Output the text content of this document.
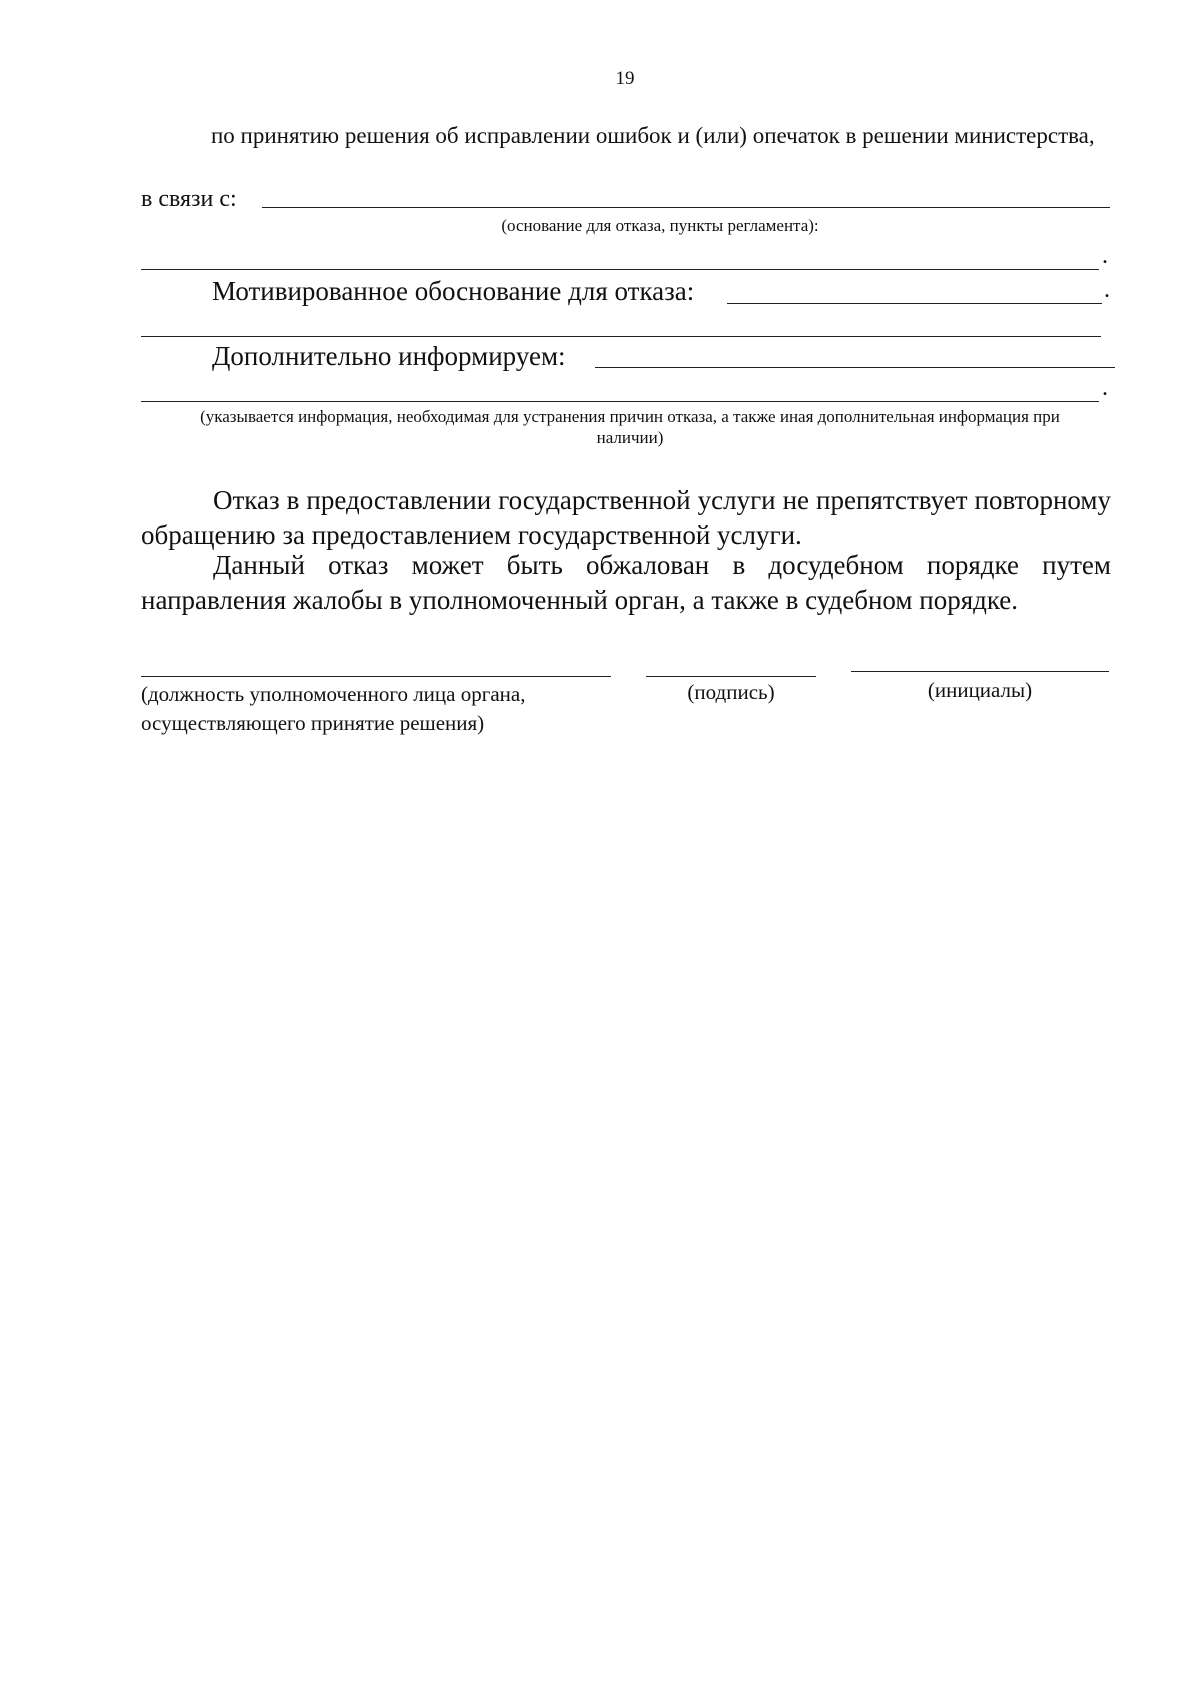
19
по принятию решения об исправлении ошибок и (или) опечаток в решении министерства,
в связи с:
(основание для отказа, пункты регламента):
.
Мотивированное обоснование для отказа:	.
Дополнительно информируем:
.
(указывается информация, необходимая для устранения причин отказа, а также иная дополнительная информация при наличии)
Отказ в предоставлении государственной услуги не препятствует повторному обращению за предоставлением государственной услуги.
Данный отказ может быть обжалован в досудебном порядке путем направления жалобы в уполномоченный орган, а также в судебном порядке.
(должность уполномоченного лица органа, осуществляющего принятие решения)
(подпись)	(инициалы)
